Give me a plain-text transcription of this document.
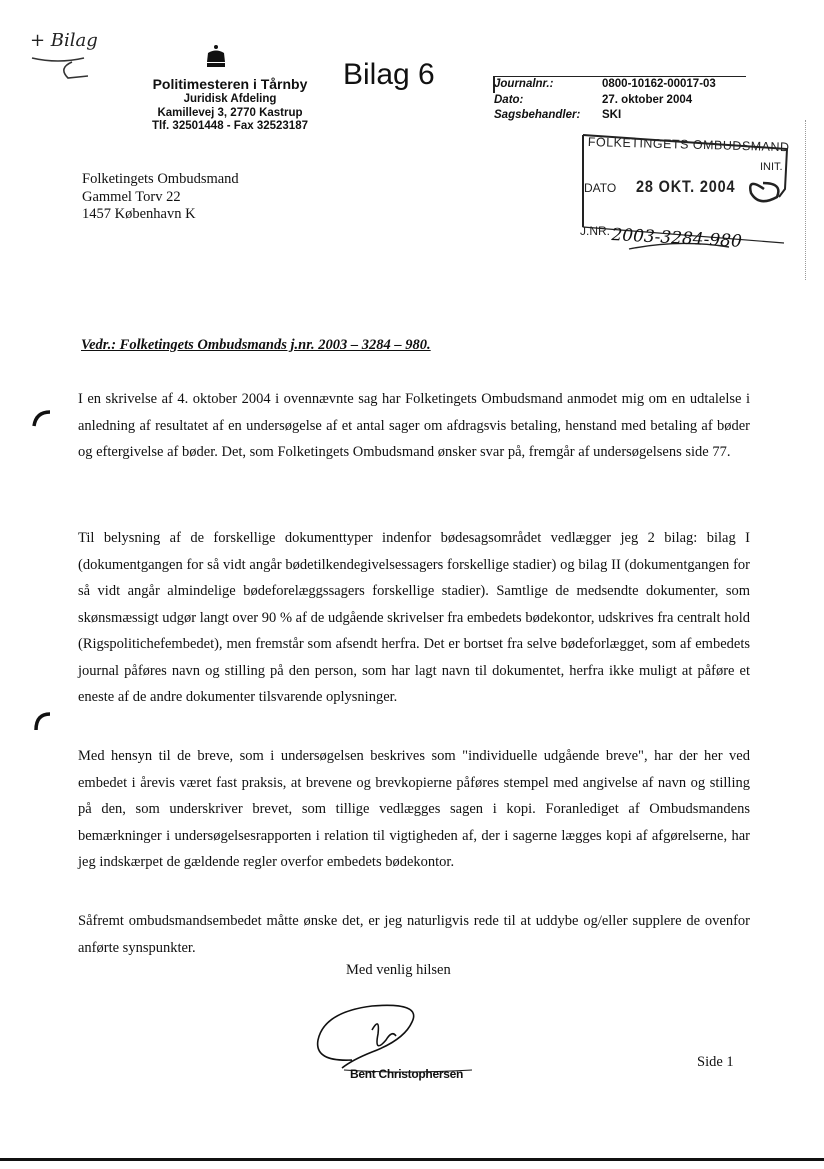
+ Bilag
Politimesteren i Tårnby
Juridisk Afdeling
Kamillevej 3, 2770 Kastrup
Tlf. 32501448 - Fax 32523187
Bilag 6	Journalnr.:	0800-10162-00017-03
Dato:	27. oktober 2004
Sagsbehandler:	SKI
FOLKETINGETS OMBUDSMAND
INIT.
DATO 28 OKT. 2004
J.NR. 2003-3284-980
Folketingets Ombudsmand
Gammel Torv 22
1457 København K
Vedr.: Folketingets Ombudsmands j.nr. 2003 – 3284 – 980.
I en skrivelse af 4. oktober 2004 i ovennævnte sag har Folketingets Ombudsmand anmodet mig om en udtalelse i anledning af resultatet af en undersøgelse af et antal sager om afdragsvis betaling, henstand med betaling af bøder og eftergivelse af bøder. Det, som Folketingets Ombudsmand ønsker svar på, fremgår af undersøgelsens side 77.
Til belysning af de forskellige dokumenttyper indenfor bødesagsområdet vedlægger jeg 2 bilag: bilag I (dokumentgangen for så vidt angår bødetilkendegivelsessagers forskellige stadier) og bilag II (dokumentgangen for så vidt angår almindelige bødeforelæggssagers forskellige stadier). Samtlige de medsendte dokumenter, som skønsmæssigt udgør langt over 90 % af de udgående skrivelser fra embedets bødekontor, udskrives fra centralt hold (Rigspolitichefembedet), men fremstår som afsendt herfra. Det er bortset fra selve bødeforlægget, som af embedets journal påføres navn og stilling på den person, som har lagt navn til dokumentet, herfra ikke muligt at påføre et eneste af de andre dokumenter tilsvarende oplysninger.
Med hensyn til de breve, som i undersøgelsen beskrives som "individuelle udgående breve", har der her ved embedet i årevis været fast praksis, at brevene og brevkopierne påføres stempel med angivelse af navn og stilling på den, som underskriver brevet, som tillige vedlægges sagen i kopi. Foranlediget af Ombudsmandens bemærkninger i undersøgelsesrapporten i relation til vigtigheden af, der i sagerne lægges kopi af afgørelserne, har jeg indskærpet de gældende regler overfor embedets bødekontor.
Såfremt ombudsmandsembedet måtte ønske det, er jeg naturligvis rede til at uddybe og/eller supplere de ovenfor anførte synspunkter.
Med venlig hilsen
Bent Christophersen
Side 1
